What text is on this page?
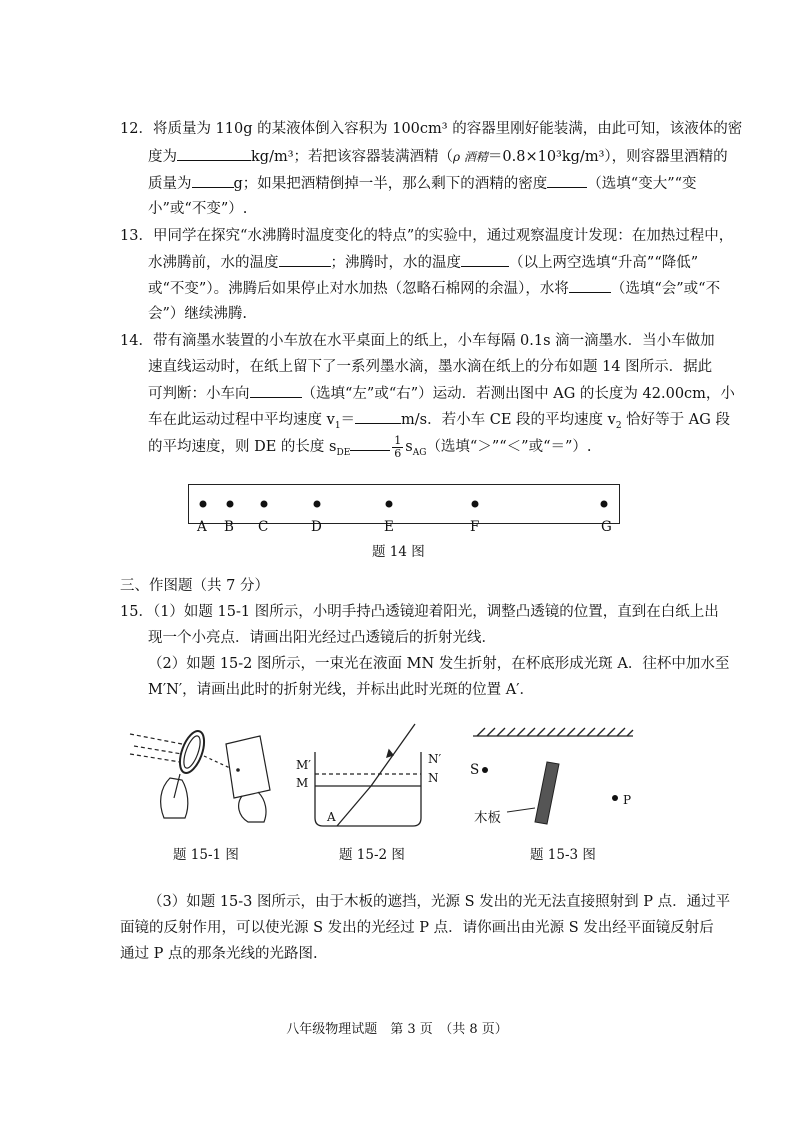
12．将质量为 110g 的某液体倒入容积为 100cm³ 的容器里刚好能装满，由此可知，该液体的密
度为	kg/m³；若把该容器装满酒精（ρ 酒精＝0.8×10³kg/m³），则容器里酒精的
质量为	g；如果把酒精倒掉一半，那么剩下的酒精的密度	（选填“变大”“变
小”或“不变”）.
13．甲同学在探究“水沸腾时温度变化的特点”的实验中，通过观察温度计发现：在加热过程中，
水沸腾前，水的温度	；沸腾时，水的温度	（以上两空选填“升高”“降低”
或“不变”）。沸腾后如果停止对水加热（忽略石棉网的余温），水将	（选填“会”或“不
会”）继续沸腾.
14．带有滴墨水装置的小车放在水平桌面上的纸上，小车每隔 0.1s 滴一滴墨水．当小车做加
速直线运动时，在纸上留下了一系列墨水滴，墨水滴在纸上的分布如题 14 图所示．据此
可判断：小车向	（选填“左”或“右”）运动．若测出图中 AG 的长度为 42.00cm，小
车在此运动过程中平均速度 $v_1=$	m/s．若小车 CE 段的平均速度 $v_2$ 恰好等于 AG 段
的平均速度，则 DE 的长度 $s_{DE}$	$\frac{1}{6} s_{AG}$（选填“＞”“＜”或“＝”）.
A B C	D	E	F	G
题 14 图
三、作图题（共 7 分）
15．（1）如题 15-1 图所示，小明手持凸透镜迎着阳光，调整凸透镜的位置，直到在白纸上出
现一个小亮点．请画出阳光经过凸透镜后的折射光线．
（2）如题 15-2 图所示，一束光在液面 MN 发生折射，在杯底形成光斑 A．往杯中加水至
M′N′，请画出此时的折射光线，并标出此时光斑的位置 A′．
题 15-1 图
M′
M
N′
N
A
题 15-2 图
S
P
木板
题 15-3 图
（3）如题 15-3 图所示，由于木板的遮挡，光源 S 发出的光无法直接照射到 P 点．通过平
面镜的反射作用，可以使光源 S 发出的光经过 P 点．请你画出由光源 S 发出经平面镜反射后
通过 P 点的那条光线的光路图.
八年级物理试题　第 3 页　（共 8 页）
